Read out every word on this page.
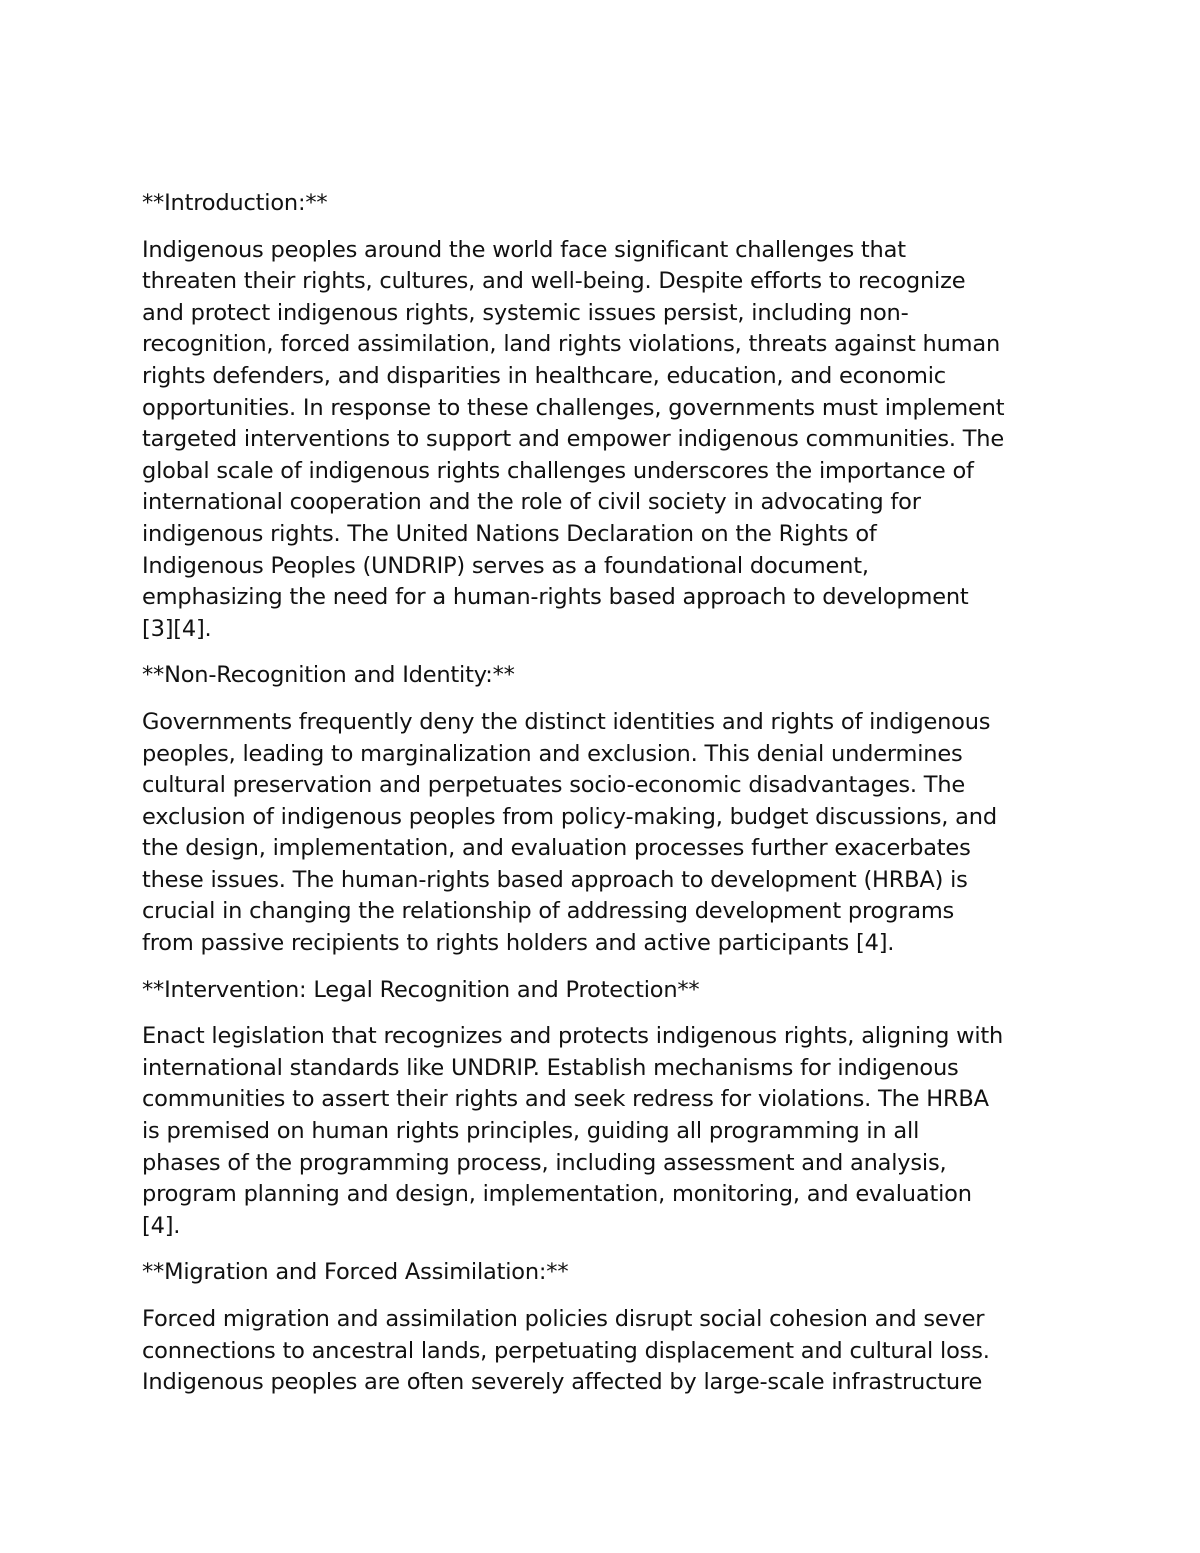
**Introduction:**

Indigenous peoples around the world face significant challenges that
threaten their rights, cultures, and well-being. Despite efforts to recognize
and protect indigenous rights, systemic issues persist, including non-
recognition, forced assimilation, land rights violations, threats against human
rights defenders, and disparities in healthcare, education, and economic
opportunities. In response to these challenges, governments must implement
targeted interventions to support and empower indigenous communities. The
global scale of indigenous rights challenges underscores the importance of
international cooperation and the role of civil society in advocating for
indigenous rights. The United Nations Declaration on the Rights of
Indigenous Peoples (UNDRIP) serves as a foundational document,
emphasizing the need for a human-rights based approach to development
[3][4].

**Non-Recognition and Identity:**

Governments frequently deny the distinct identities and rights of indigenous
peoples, leading to marginalization and exclusion. This denial undermines
cultural preservation and perpetuates socio-economic disadvantages. The
exclusion of indigenous peoples from policy-making, budget discussions, and
the design, implementation, and evaluation processes further exacerbates
these issues. The human-rights based approach to development (HRBA) is
crucial in changing the relationship of addressing development programs
from passive recipients to rights holders and active participants [4].

**Intervention: Legal Recognition and Protection**

Enact legislation that recognizes and protects indigenous rights, aligning with
international standards like UNDRIP. Establish mechanisms for indigenous
communities to assert their rights and seek redress for violations. The HRBA
is premised on human rights principles, guiding all programming in all
phases of the programming process, including assessment and analysis,
program planning and design, implementation, monitoring, and evaluation
[4].

**Migration and Forced Assimilation:**

Forced migration and assimilation policies disrupt social cohesion and sever
connections to ancestral lands, perpetuating displacement and cultural loss.
Indigenous peoples are often severely affected by large-scale infrastructure
